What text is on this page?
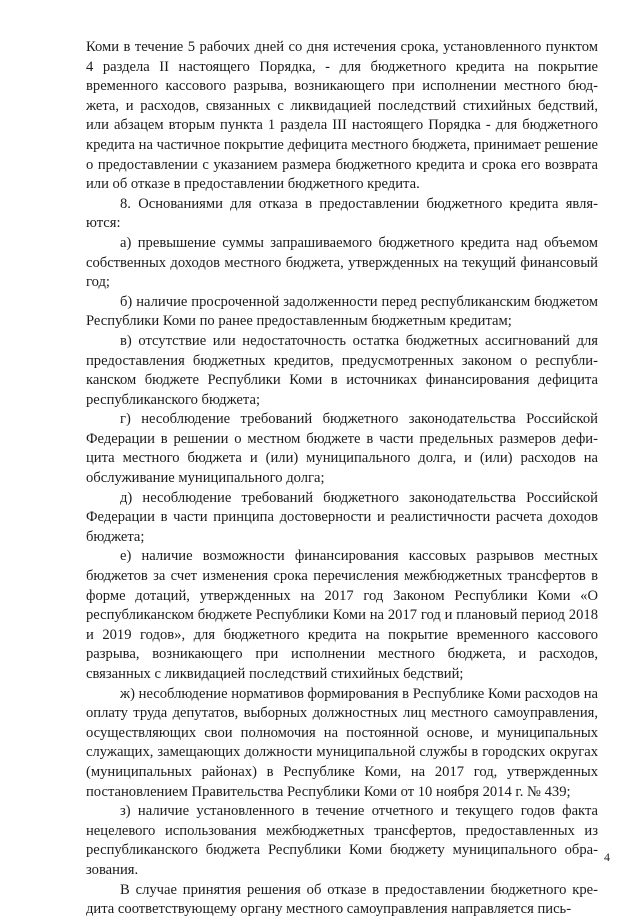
Коми в течение 5 рабочих дней со дня истечения срока, установленного пунктом 4 раздела II настоящего Порядка, - для бюджетного кредита на покрытие временного кассового разрыва, возникающего при исполнении местного бюджета, и расходов, связанных с ликвидацией последствий стихийных бедствий, или абзацем вторым пункта 1 раздела III настоящего Порядка - для бюджетного кредита на частичное покрытие дефицита местного бюджета, принимает решение о предоставлении с указанием размера бюджетного кредита и срока его возврата или об отказе в предоставлении бюджетного кредита.

8. Основаниями для отказа в предоставлении бюджетного кредита являются:

а) превышение суммы запрашиваемого бюджетного кредита над объемом собственных доходов местного бюджета, утвержденных на текущий финансовый год;

б) наличие просроченной задолженности перед республиканским бюджетом Республики Коми по ранее предоставленным бюджетным кредитам;

в) отсутствие или недостаточность остатка бюджетных ассигнований для предоставления бюджетных кредитов, предусмотренных законом о республиканском бюджете Республики Коми в источниках финансирования дефицита республиканского бюджета;

г) несоблюдение требований бюджетного законодательства Российской Федерации в решении о местном бюджете в части предельных размеров дефицита местного бюджета и (или) муниципального долга, и (или) расходов на обслуживание муниципального долга;

д) несоблюдение требований бюджетного законодательства Российской Федерации в части принципа достоверности и реалистичности расчета доходов бюджета;

е) наличие возможности финансирования кассовых разрывов местных бюджетов за счет изменения срока перечисления межбюджетных трансфертов в форме дотаций, утвержденных на 2017 год Законом Республики Коми «О республиканском бюджете Республики Коми на 2017 год и плановый период 2018 и 2019 годов», для бюджетного кредита на покрытие временного кассового разрыва, возникающего при исполнении местного бюджета, и расходов, связанных с ликвидацией последствий стихийных бедствий;

ж) несоблюдение нормативов формирования в Республике Коми расходов на оплату труда депутатов, выборных должностных лиц местного самоуправления, осуществляющих свои полномочия на постоянной основе, и муниципальных служащих, замещающих должности муниципальной службы в городских округах (муниципальных районах) в Республике Коми, на 2017 год, утвержденных постановлением Правительства Республики Коми от 10 ноября 2014 г. № 439;

з) наличие установленного в течение отчетного и текущего годов факта нецелевого использования межбюджетных трансфертов, предоставленных из республиканского бюджета Республики Коми бюджету муниципального образования.

В случае принятия решения об отказе в предоставлении бюджетного кредита соответствующему органу местного самоуправления направляется пись-

4
